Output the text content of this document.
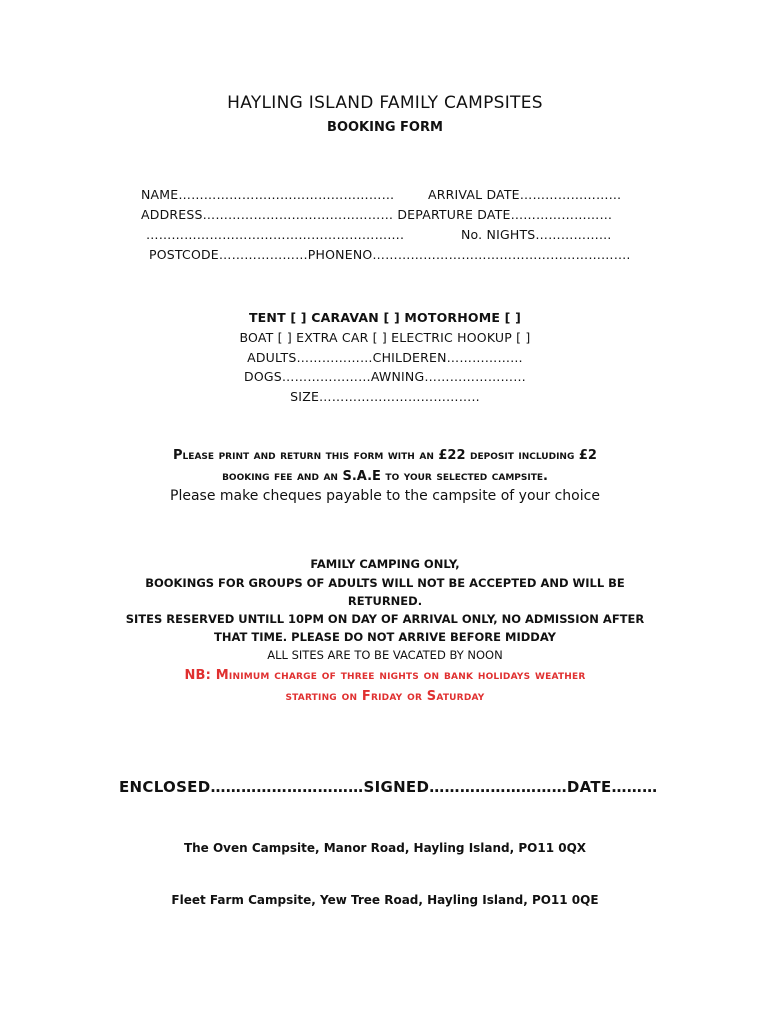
HAYLING ISLAND FAMILY CAMPSITES
BOOKING FORM
NAME……………………………………………	ARRIVAL DATE……………………
ADDRESS……………………………………… DEPARTURE DATE……………………
…………………………………………………….	No. NIGHTS………………
POSTCODE…………………PHONENO…………………………………………………….
TENT [ ] CARAVAN [ ] MOTORHOME [ ]
BOAT [ ] EXTRA CAR [ ] ELECTRIC HOOKUP [ ]
ADULTS………………CHILDEREN………………
DOGS…………………AWNING……………………
SIZE………………………………..
Please print and return this form with an £22 deposit including £2
booking fee and an S.A.E to your selected campsite.
Please make cheques payable to the campsite of your choice
FAMILY CAMPING ONLY,
BOOKINGS FOR GROUPS OF ADULTS WILL NOT BE ACCEPTED AND WILL BE
RETURNED.
SITES RESERVED UNTILL 10PM ON DAY OF ARRIVAL ONLY, NO ADMISSION AFTER
THAT TIME. PLEASE DO NOT ARRIVE BEFORE MIDDAY
ALL SITES ARE TO BE VACATED BY NOON
NB: Minimum charge of three nights on bank holidays weather
starting on Friday or Saturday
ENCLOSED…………………………SIGNED………………………DATE………
The Oven Campsite, Manor Road, Hayling Island, PO11 0QX
Fleet Farm Campsite, Yew Tree Road, Hayling Island, PO11 0QE
